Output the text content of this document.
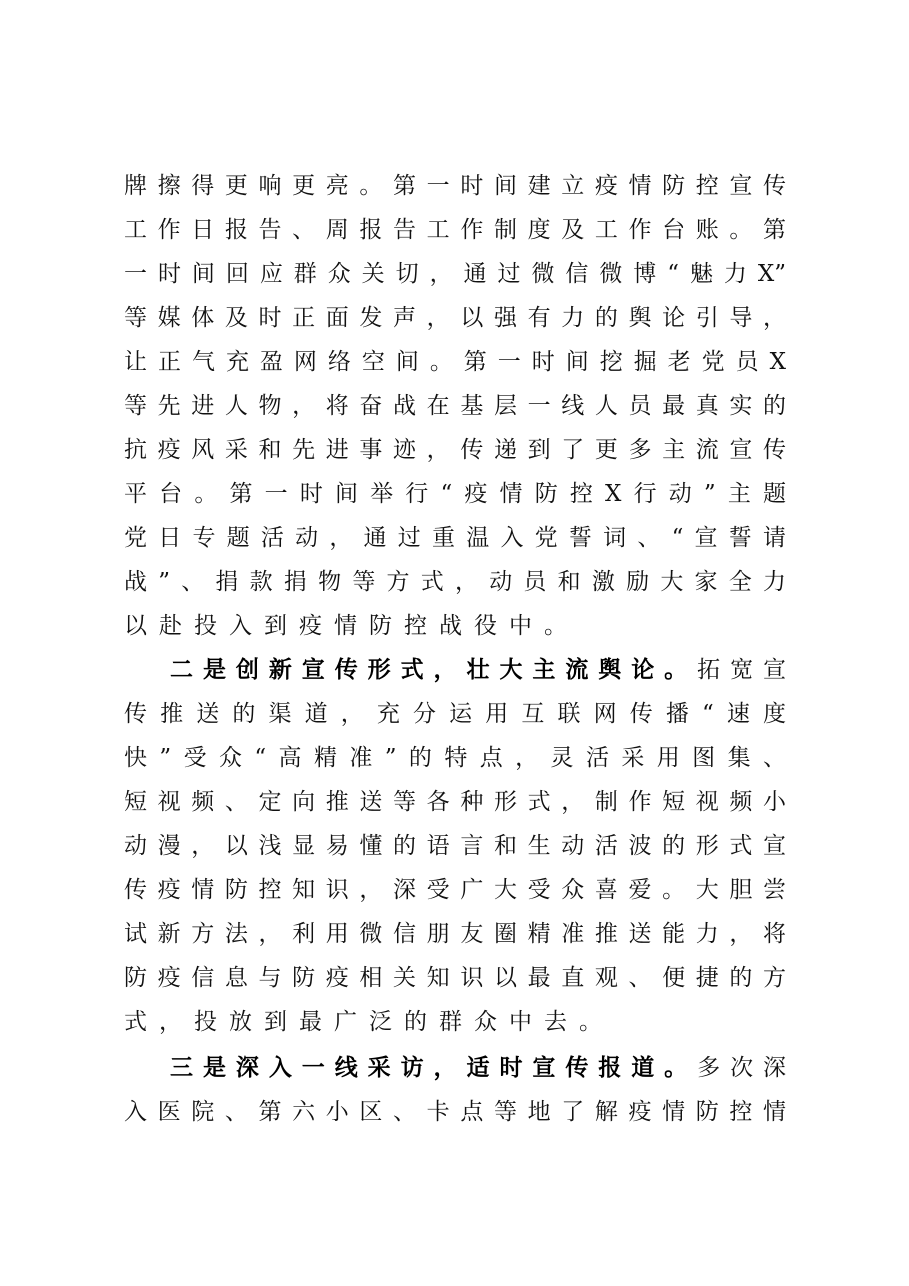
牌擦得更响更亮。第一时间建立疫情防控宣传
工作日报告、周报告工作制度及工作台账。第
一时间回应群众关切，通过微信微博“魅力X”
等媒体及时正面发声，以强有力的舆论引导，
让正气充盈网络空间。第一时间挖掘老党员X
等先进人物，将奋战在基层一线人员最真实的
抗疫风采和先进事迹，传递到了更多主流宣传
平台。第一时间举行“疫情防控X行动”主题
党日专题活动，通过重温入党誓词、“宣誓请
战”、捐款捐物等方式，动员和激励大家全力
以赴投入到疫情防控战役中。
二是创新宣传形式，壮大主流舆论。拓宽宣
传推送的渠道，充分运用互联网传播“速度
快”受众“高精准”的特点，灵活采用图集、
短视频、定向推送等各种形式，制作短视频小
动漫，以浅显易懂的语言和生动活波的形式宣
传疫情防控知识，深受广大受众喜爱。大胆尝
试新方法，利用微信朋友圈精准推送能力，将
防疫信息与防疫相关知识以最直观、便捷的方
式，投放到最广泛的群众中去。
三是深入一线采访，适时宣传报道。多次深
入医院、第六小区、卡点等地了解疫情防控情
